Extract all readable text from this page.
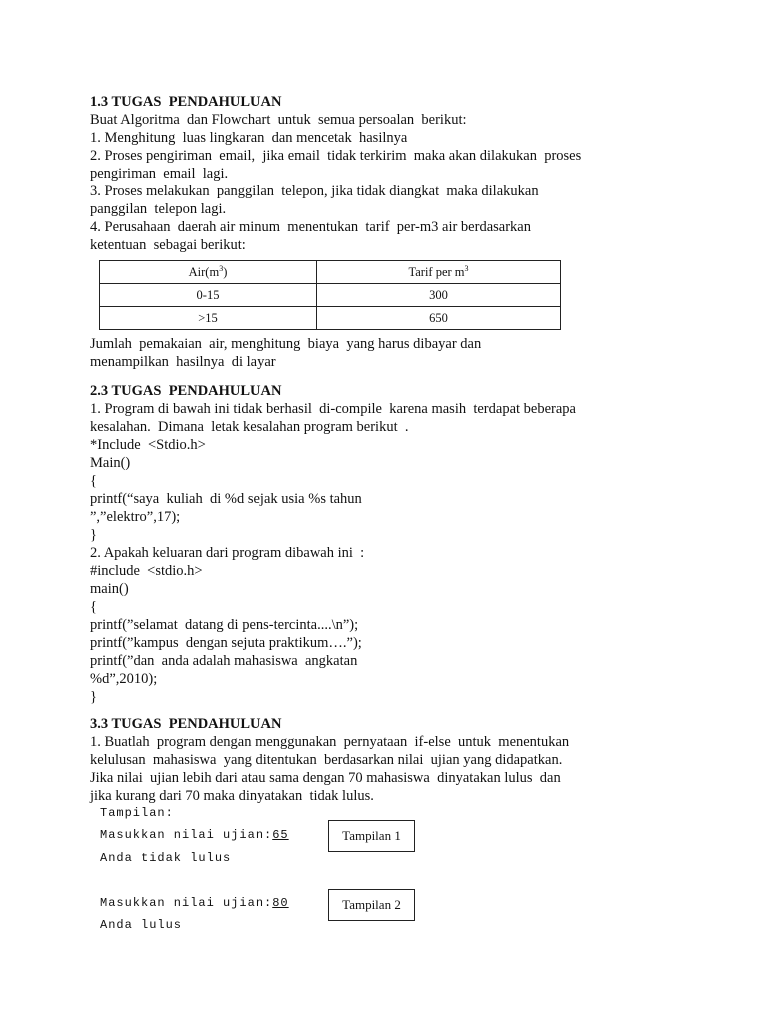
1.3 TUGAS  PENDAHULUAN
Buat Algoritma  dan Flowchart  untuk  semua persoalan  berikut:
1. Menghitung  luas lingkaran  dan mencetak  hasilnya
2. Proses pengiriman  email,  jika email  tidak terkirim  maka akan dilakukan  proses
pengiriman  email  lagi.
3. Proses melakukan  panggilan  telepon, jika tidak diangkat  maka dilakukan
panggilan  telepon lagi.
4. Perusahaan  daerah air minum  menentukan  tarif  per-m3 air berdasarkan
ketentuan  sebagai berikut:
$Air(m^3)$	Tarif per $m^3$
0-15	300
>15	650
Jumlah  pemakaian  air, menghitung  biaya  yang harus dibayar dan
menampilkan  hasilnya  di layar
2.3 TUGAS  PENDAHULUAN
1. Program di bawah ini tidak berhasil  di-compile  karena masih  terdapat beberapa
kesalahan.  Dimana  letak kesalahan program berikut  .
*Include  <Stdio.h>
Main()
{
printf(“saya  kuliah  di %d sejak usia %s tahun
”,”elektro”,17);
}
2. Apakah keluaran dari program dibawah ini  :
#include  <stdio.h>
main()
{
printf(”selamat  datang di pens-tercinta....\n”);
printf(”kampus  dengan sejuta praktikum….”);
printf(”dan  anda adalah mahasiswa  angkatan
%d”,2010);
}
3.3 TUGAS  PENDAHULUAN
1. Buatlah  program dengan menggunakan  pernyataan  if-else  untuk  menentukan
kelulusan  mahasiswa  yang ditentukan  berdasarkan nilai  ujian yang didapatkan.
Jika nilai  ujian lebih dari atau sama dengan 70 mahasiswa  dinyatakan lulus  dan
jika kurang dari 70 maka dinyatakan  tidak lulus.
Tampilan:
Masukkan nilai ujian:65
Anda tidak lulus
Tampilan 1
Masukkan nilai ujian:80
Anda lulus
Tampilan 2
